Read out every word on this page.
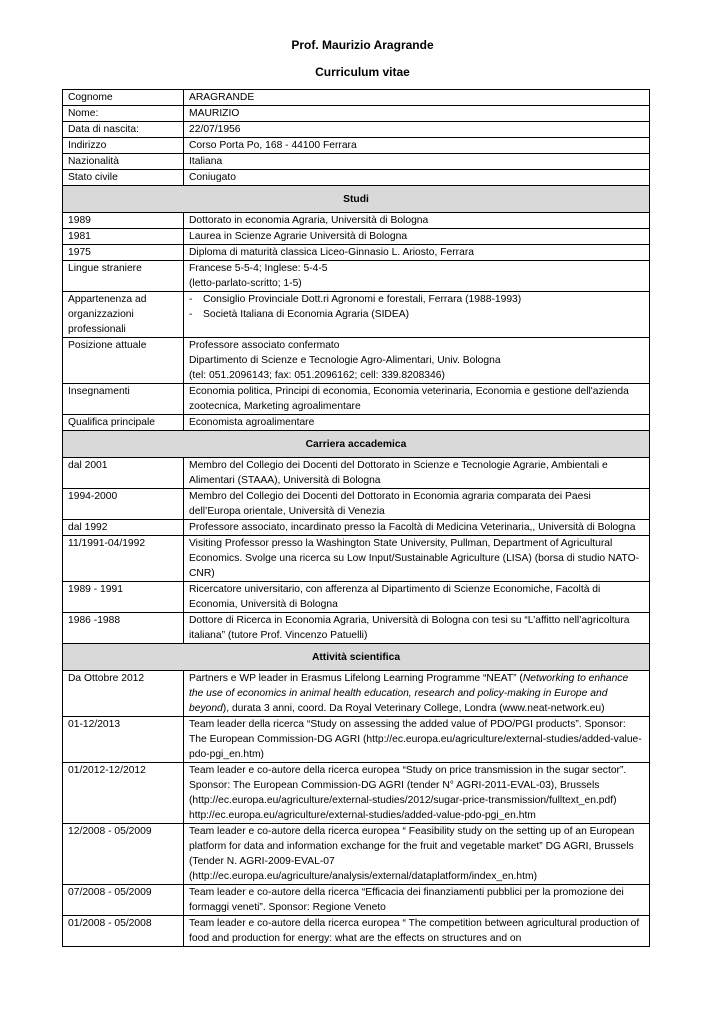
Prof. Maurizio Aragrande
Curriculum vitae
Cognome	ARAGRANDE
Nome:	MAURIZIO
Data di nascita:	22/07/1956
Indirizzo	Corso Porta Po, 168 - 44100 Ferrara
Nazionalità	Italiana
Stato civile	Coniugato
Studi	
1989	Dottorato in economia Agraria, Università di Bologna
1981	Laurea in Scienze Agrarie Università di Bologna
1975	Diploma di maturità classica Liceo-Ginnasio L. Ariosto, Ferrara
Lingue straniere	Francese 5-5-4; Inglese: 5-4-5
(letto-parlato-scritto; 1-5)

Appartenenza ad organizzazioni professionali	- Consiglio Provinciale Dott.ri Agronomi e forestali, Ferrara (1988-1993)
- Società Italiana di Economia Agraria (SIDEA)

Posizione attuale	Professore associato confermato
Dipartimento di Scienze e Tecnologie Agro-Alimentari, Univ. Bologna
(tel: 051.2096143; fax: 051.2096162; cell: 339.8208346)

Insegnamenti	Economia politica, Principi di economia, Economia veterinaria, Economia e gestione dell'azienda zootecnica, Marketing agroalimentare
Qualifica principale	Economista agroalimentare
Carriera accademica	
dal 2001	Membro del Collegio dei Docenti del Dottorato in Scienze e Tecnologie Agrarie, Ambientali e Alimentari (STAAA), Università di Bologna
1994-2000	Membro del Collegio dei Docenti del Dottorato in Economia agraria comparata dei Paesi dell’Europa orientale, Università di Venezia
dal 1992	Professore associato, incardinato presso la Facoltà di Medicina Veterinaria,, Università di Bologna
11/1991-04/1992	Visiting Professor presso la Washington State University, Pullman, Department of Agricultural Economics. Svolge una ricerca su Low Input/Sustainable Agriculture (LISA) (borsa di studio NATO-CNR)
1989 - 1991	Ricercatore universitario, con afferenza al Dipartimento di Scienze Economiche, Facoltà di Economia, Università di Bologna
1986 -1988	Dottore di Ricerca in Economia Agraria, Università di Bologna con tesi su “L’affitto nell’agricoltura italiana” (tutore Prof. Vincenzo Patuelli)
Attività scientifica	
Da Ottobre 2012	Partners e WP leader in Erasmus Lifelong Learning Programme “NEAT” (Networking to enhance the use of economics in animal health education, research and policy-making in Europe and beyond), durata 3 anni, coord. Da Royal Veterinary College, Londra (www.neat-network.eu)
01-12/2013	Team leader della ricerca “Study on assessing the added value of PDO/PGI products”. Sponsor: The European Commission-DG AGRI (http://ec.europa.eu/agriculture/external-studies/added-value-pdo-pgi_en.htm)
01/2012-12/2012	Team leader e co-autore della ricerca europea “Study on price transmission in the sugar sector”. Sponsor: The European Commission-DG AGRI (tender N° AGRI-2011-EVAL-03), Brussels (http://ec.europa.eu/agriculture/external-studies/2012/sugar-price-transmission/fulltext_en.pdf) http://ec.europa.eu/agriculture/external-studies/added-value-pdo-pgi_en.htm
12/2008 - 05/2009	Team leader e co-autore della ricerca europea “ Feasibility study on the setting up of an European platform for data and information exchange for the fruit and vegetable market” DG AGRI, Brussels (Tender N. AGRI-2009-EVAL-07 (http://ec.europa.eu/agriculture/analysis/external/dataplatform/index_en.htm)
07/2008 - 05/2009	Team leader e co-autore della ricerca “Efficacia dei finanziamenti pubblici per la promozione dei formaggi veneti”. Sponsor: Regione Veneto
01/2008 - 05/2008	Team leader e co-autore della ricerca europea “ The competition between agricultural production of food and production for energy: what are the effects on structures and on
